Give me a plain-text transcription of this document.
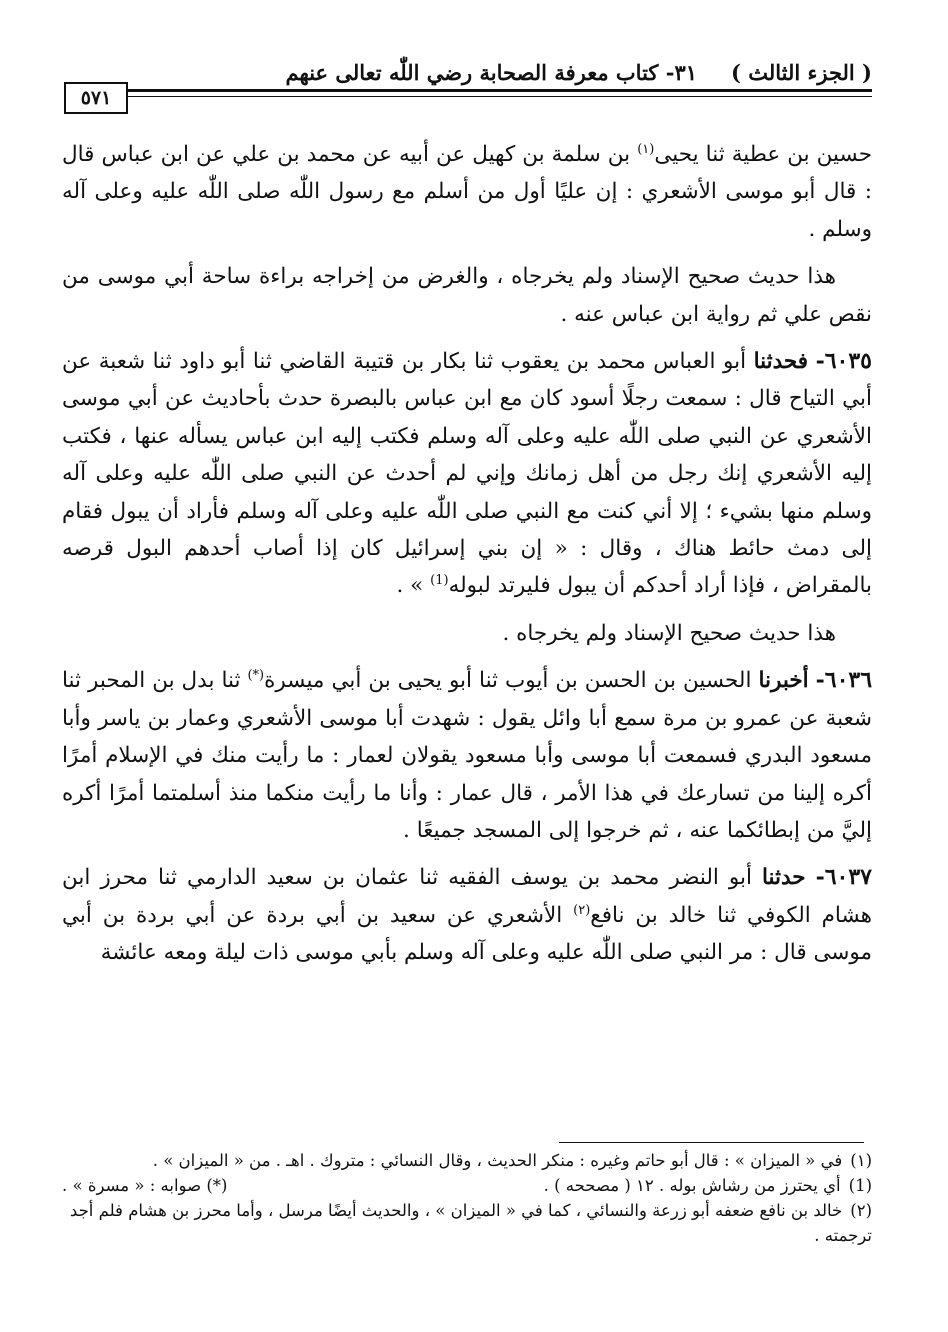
( الجزء الثالث )
٣١- كتاب معرفة الصحابة رضي اللّٰه تعالى عنهم
٥٧١

حسين بن عطية ثنا يحيى$^{(١)}$ بن سلمة بن كهيل عن أبيه عن محمد بن علي عن ابن عباس قال : قال أبو موسى الأشعري : إن عليًا أول من أسلم مع رسول اللّٰه صلى اللّٰه عليه وعلى آله وسلم .

هذا حديث صحيح الإسناد ولم يخرجاه ، والغرض من إخراجه براءة ساحة أبي موسى من نقص علي ثم رواية ابن عباس عنه .

٦٠٣٥- فحدثنا أبو العباس محمد بن يعقوب ثنا بكار بن قتيبة القاضي ثنا أبو داود ثنا شعبة عن أبي التياح قال : سمعت رجلًا أسود كان مع ابن عباس بالبصرة حدث بأحاديث عن أبي موسى الأشعري عن النبي صلى اللّٰه عليه وعلى آله وسلم فكتب إليه ابن عباس يسأله عنها ، فكتب إليه الأشعري إنك رجل من أهل زمانك وإني لم أحدث عن النبي صلى اللّٰه عليه وعلى آله وسلم منها بشيء ؛ إلا أني كنت مع النبي صلى اللّٰه عليه وعلى آله وسلم فأراد أن يبول فقام إلى دمث حائط هناك ، وقال : « إن بني إسرائيل كان إذا أصاب أحدهم البول قرصه بالمقراض ، فإذا أراد أحدكم أن يبول فليرتد لبوله$^{(1)}$ » .

هذا حديث صحيح الإسناد ولم يخرجاه .

٦٠٣٦- أخبرنا الحسين بن الحسن بن أيوب ثنا أبو يحيى بن أبي ميسرة(*) ثنا بدل بن المحبر ثنا شعبة عن عمرو بن مرة سمع أبا وائل يقول : شهدت أبا موسى الأشعري وعمار بن ياسر وأبا مسعود البدري فسمعت أبا موسى وأبا مسعود يقولان لعمار : ما رأيت منك في الإسلام أمرًا أكره إلينا من تسارعك في هذا الأمر ، قال عمار : وأنا ما رأيت منكما منذ أسلمتما أمرًا أكره إليَّ من إبطائكما عنه ، ثم خرجوا إلى المسجد جميعًا .

٦٠٣٧- حدثنا أبو النضر محمد بن يوسف الفقيه ثنا عثمان بن سعيد الدارمي ثنا محرز ابن هشام الكوفي ثنا خالد بن نافع$^{(٢)}$ الأشعري عن سعيد بن أبي بردة عن أبي بردة بن أبي موسى قال : مر النبي صلى اللّٰه عليه وعلى آله وسلم بأبي موسى ذات ليلة ومعه عائشة

(١)في « الميزان » : قال أبو حاتم وغيره : منكر الحديث ، وقال النسائي : متروك . اهـ . من « الميزان » .

(1)أي يحترز من رشاش بوله . ١٢ ( مصححه ) .
(*) صوابه : « مسرة » .

(٢)خالد بن نافع ضعفه أبو زرعة والنسائي ، كما في « الميزان » ، والحديث أيضًا مرسل ، وأما محرز بن هشام فلم أجد ترجمته .
